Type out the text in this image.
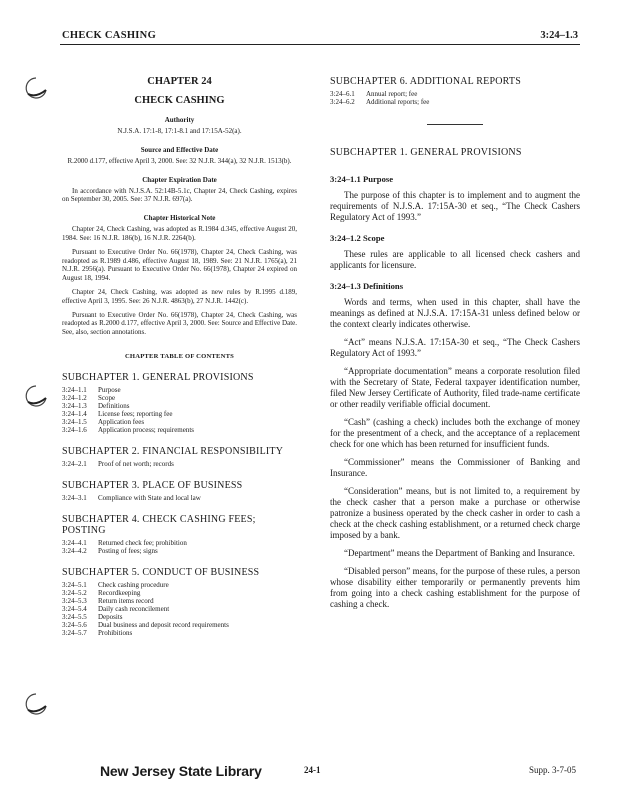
CHECK CASHING	3:24–1.3
CHAPTER 24
CHECK CASHING
Authority

N.J.S.A. 17:1-8, 17:1-8.1 and 17:15A-52(a).

Source and Effective Date

R.2000 d.177, effective April 3, 2000. See: 32 N.J.R. 344(a), 32 N.J.R. 1513(b).

Chapter Expiration Date

In accordance with N.J.S.A. 52:14B-5.1c, Chapter 24, Check Cashing, expires on September 30, 2005. See: 37 N.J.R. 697(a).

Chapter Historical Note

Chapter 24, Check Cashing, was adopted as R.1984 d.345, effective August 20, 1984. See: 16 N.J.R. 186(b), 16 N.J.R. 2264(b).

Pursuant to Executive Order No. 66(1978), Chapter 24, Check Cashing, was readopted as R.1989 d.486, effective August 18, 1989. See: 21 N.J.R. 1765(a), 21 N.J.R. 2956(a). Pursuant to Executive Order No. 66(1978), Chapter 24 expired on August 18, 1994.

Chapter 24, Check Cashing, was adopted as new rules by R.1995 d.189, effective April 3, 1995. See: 26 N.J.R. 4863(b), 27 N.J.R. 1442(c).

Pursuant to Executive Order No. 66(1978), Chapter 24, Check Cashing, was readopted as R.2000 d.177, effective April 3, 2000. See: Source and Effective Date. See, also, section annotations.

CHAPTER TABLE OF CONTENTS
SUBCHAPTER 1. GENERAL PROVISIONS
3:24–1.1	Purpose
3:24–1.2	Scope
3:24–1.3	Definitions
3:24–1.4	License fees; reporting fee
3:24–1.5	Application fees
3:24–1.6	Application process; requirements
SUBCHAPTER 2. FINANCIAL RESPONSIBILITY
3:24–2.1	Proof of net worth; records
SUBCHAPTER 3. PLACE OF BUSINESS
3:24–3.1	Compliance with State and local law
SUBCHAPTER 4. CHECK CASHING FEES; POSTING
3:24–4.1	Returned check fee; prohibition
3:24–4.2	Posting of fees; signs
SUBCHAPTER 5. CONDUCT OF BUSINESS
3:24–5.1	Check cashing procedure
3:24–5.2	Recordkeeping
3:24–5.3	Return items record
3:24–5.4	Daily cash reconcilement
3:24–5.5	Deposits
3:24–5.6	Dual business and deposit record requirements
3:24–5.7	Prohibitions
SUBCHAPTER 6. ADDITIONAL REPORTS
3:24–6.1	Annual report; fee
3:24–6.2	Additional reports; fee
SUBCHAPTER 1. GENERAL PROVISIONS
3:24–1.1 Purpose

The purpose of this chapter is to implement and to augment the requirements of N.J.S.A. 17:15A-30 et seq., “The Check Cashers Regulatory Act of 1993.”

3:24–1.2 Scope

These rules are applicable to all licensed check cashers and applicants for licensure.

3:24–1.3 Definitions

Words and terms, when used in this chapter, shall have the meanings as defined at N.J.S.A. 17:15A-31 unless defined below or the context clearly indicates otherwise.

“Act” means N.J.S.A. 17:15A-30 et seq., “The Check Cashers Regulatory Act of 1993.”

“Appropriate documentation” means a corporate resolution filed with the Secretary of State, Federal taxpayer identification number, filed New Jersey Certificate of Authority, filed trade-name certificate or other readily verifiable official document.

“Cash” (cashing a check) includes both the exchange of money for the presentment of a check, and the acceptance of a replacement check for one which has been returned for insufficient funds.

“Commissioner” means the Commissioner of Banking and Insurance.

“Consideration” means, but is not limited to, a requirement by the check casher that a person make a purchase or otherwise patronize a business operated by the check casher in order to cash a check at the check cashing establishment, or a returned check charge imposed by a bank.

“Department” means the Department of Banking and Insurance.

“Disabled person” means, for the purpose of these rules, a person whose disability either temporarily or permanently prevents him from going into a check cashing establishment for the purpose of cashing a check.

New Jersey State Library	24-1	Supp. 3-7-05
